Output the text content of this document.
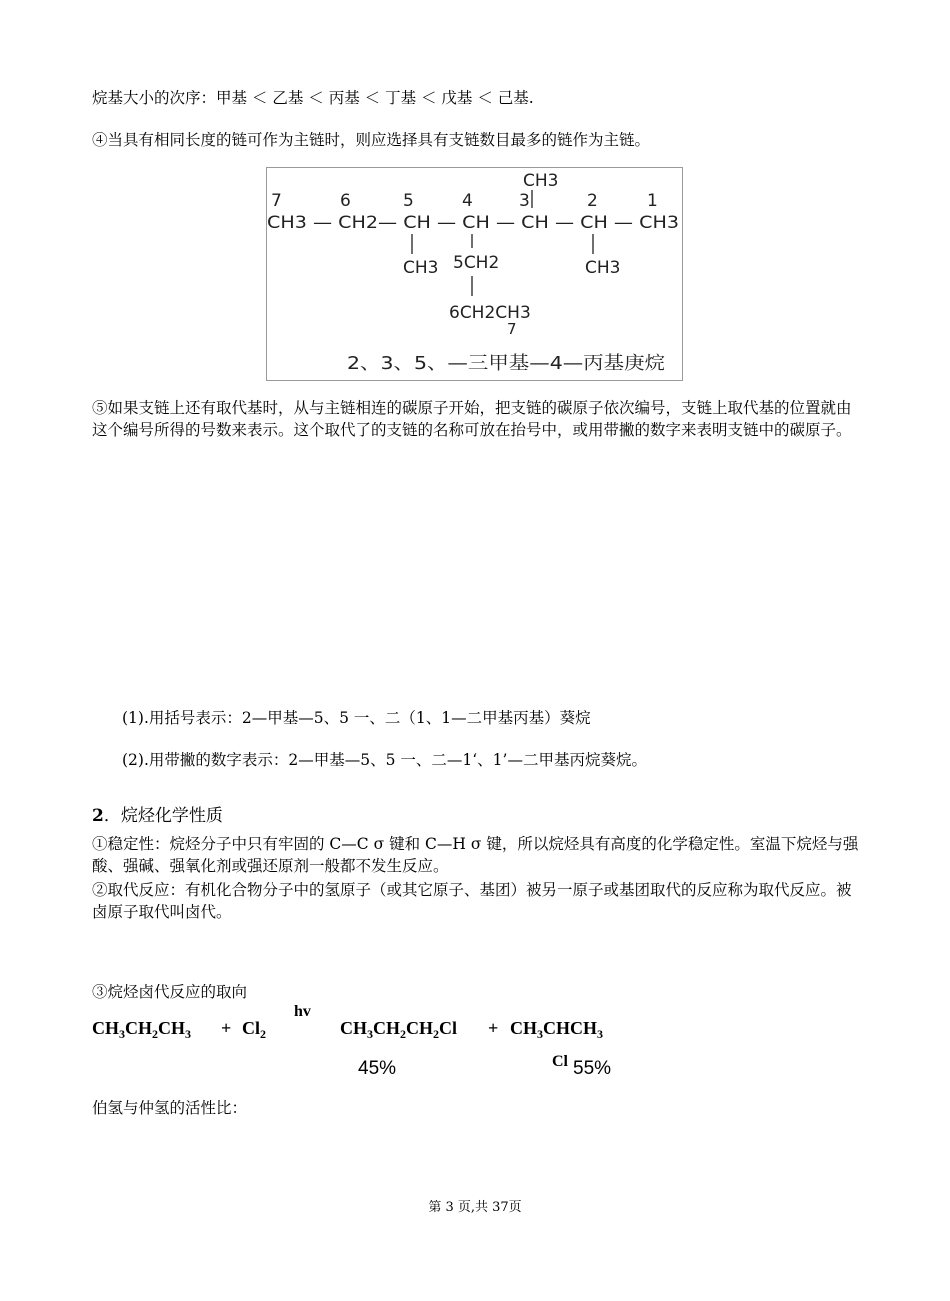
烷基大小的次序：甲基 ＜ 乙基 ＜ 丙基 ＜ 丁基 ＜ 戊基 ＜ 己基.
④当具有相同长度的链可作为主链时，则应选择具有支链数目最多的链作为主链。
7	6	5	4	3	2	1
CH3
CH3 — CH2— CH — CH — CH — CH — CH3
CH3 5CH2	CH3
6CH2CH3
7
2、3、5、—三甲基—4—丙基庚烷
⑤如果支链上还有取代基时，从与主链相连的碳原子开始，把支链的碳原子依次编号，支链上取代基的位置就由这个编号所得的号数来表示。这个取代了的支链的名称可放在抬号中，或用带撇的数字来表明支链中的碳原子。
(1).用括号表示：2—甲基—5、5 一、二（1、1—二甲基丙基）葵烷
(2).用带撇的数字表示：2—甲基—5、5 一、二—1‘、1’—二甲基丙烷葵烷。
2．烷烃化学性质
①稳定性：烷烃分子中只有牢固的 C—C σ 键和 C—H σ 键，所以烷烃具有高度的化学稳定性。室温下烷烃与强酸、强碱、强氧化剂或强还原剂一般都不发生反应。
②取代反应：有机化合物分子中的氢原子（或其它原子、基团）被另一原子或基团取代的反应称为取代反应。被卤原子取代叫卤代。
③烷烃卤代反应的取向
hv
$CH_3CH_2CH_3 + Cl_2$	$CH_3CH_2CH_2Cl$ + $CH_3CHCH_3$
45%	Cl 55%
伯氢与仲氢的活性比：
第 3 页,共 37页
